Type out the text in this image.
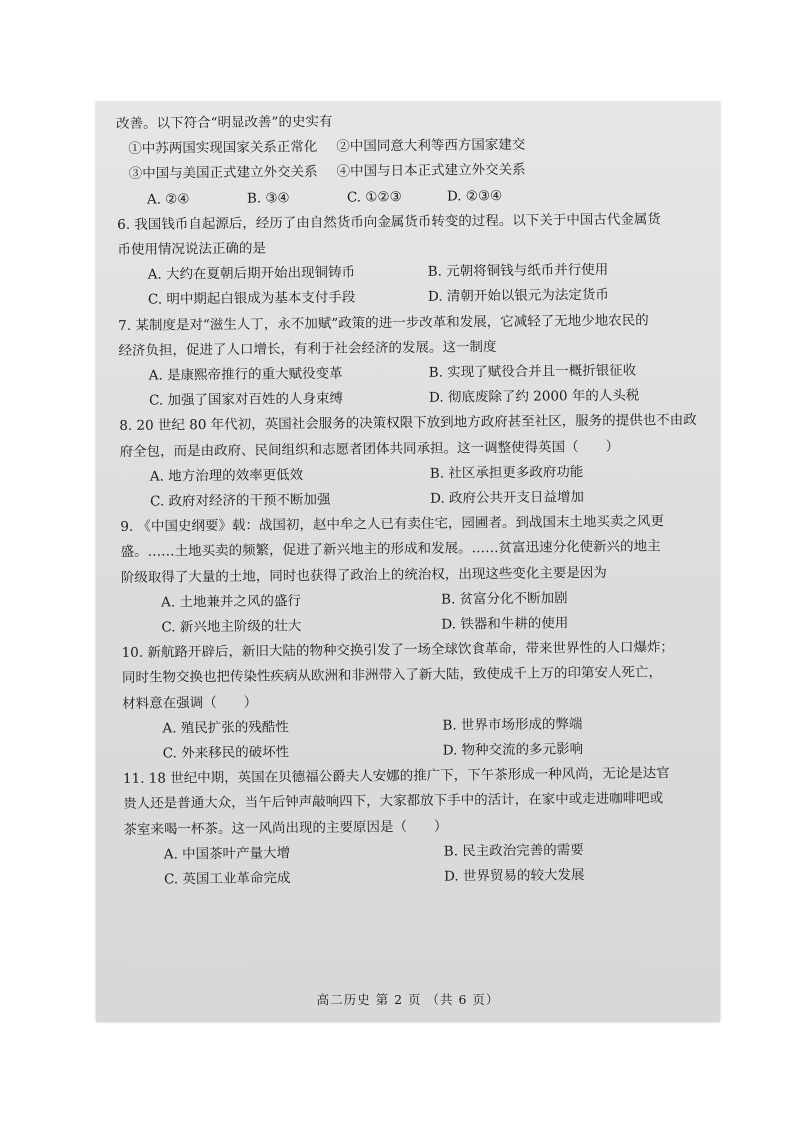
改善。以下符合“明显改善”的史实有
①中苏两国实现国家关系正常化	②中国同意大利等西方国家建交
③中国与美国正式建立外交关系	④中国与日本正式建立外交关系
A. ②④	B. ③④	C. ①②③	D. ②③④
6. 我国钱币自起源后，经历了由自然货币向金属货币转变的过程。以下关于中国古代金属货
币使用情况说法正确的是
A. 大约在夏朝后期开始出现铜铸币	B. 元朝将铜钱与纸币并行使用
C. 明中期起白银成为基本支付手段	D. 清朝开始以银元为法定货币
7. 某制度是对“滋生人丁，永不加赋”政策的进一步改革和发展，它减轻了无地少地农民的
经济负担，促进了人口增长，有利于社会经济的发展。这一制度
A. 是康熙帝推行的重大赋役变革	B. 实现了赋役合并且一概折银征收
C. 加强了国家对百姓的人身束缚	D. 彻底废除了约 2000 年的人头税
8. 20 世纪 80 年代初，英国社会服务的决策权限下放到地方政府甚至社区，服务的提供也不由政
府全包，而是由政府、民间组织和志愿者团体共同承担。这一调整使得英国（　　）
A. 地方治理的效率更低效	B. 社区承担更多政府功能
C. 政府对经济的干预不断加强	D. 政府公共开支日益增加
9. 《中国史纲要》载：战国初，赵中牟之人已有卖住宅，园圃者。到战国末土地买卖之风更
盛。……土地买卖的频繁，促进了新兴地主的形成和发展。……贫富迅速分化使新兴的地主
阶级取得了大量的土地，同时也获得了政治上的统治权，出现这些变化主要是因为
A. 土地兼并之风的盛行	B. 贫富分化不断加剧
C. 新兴地主阶级的壮大	D. 铁器和牛耕的使用
10. 新航路开辟后，新旧大陆的物种交换引发了一场全球饮食革命，带来世界性的人口爆炸；
同时生物交换也把传染性疾病从欧洲和非洲带入了新大陆，致使成千上万的印第安人死亡，
材料意在强调（　　）
A. 殖民扩张的残酷性	B. 世界市场形成的弊端
C. 外来移民的破坏性	D. 物种交流的多元影响
11. 18 世纪中期，英国在贝德福公爵夫人安娜的推广下，下午茶形成一种风尚，无论是达官
贵人还是普通大众，当午后钟声敲响四下，大家都放下手中的活计，在家中或走进咖啡吧或
茶室来喝一杯茶。这一风尚出现的主要原因是（　　）
A. 中国茶叶产量大增	B. 民主政治完善的需要
C. 英国工业革命完成	D. 世界贸易的较大发展
高二历史 第 2 页 （共 6 页）
